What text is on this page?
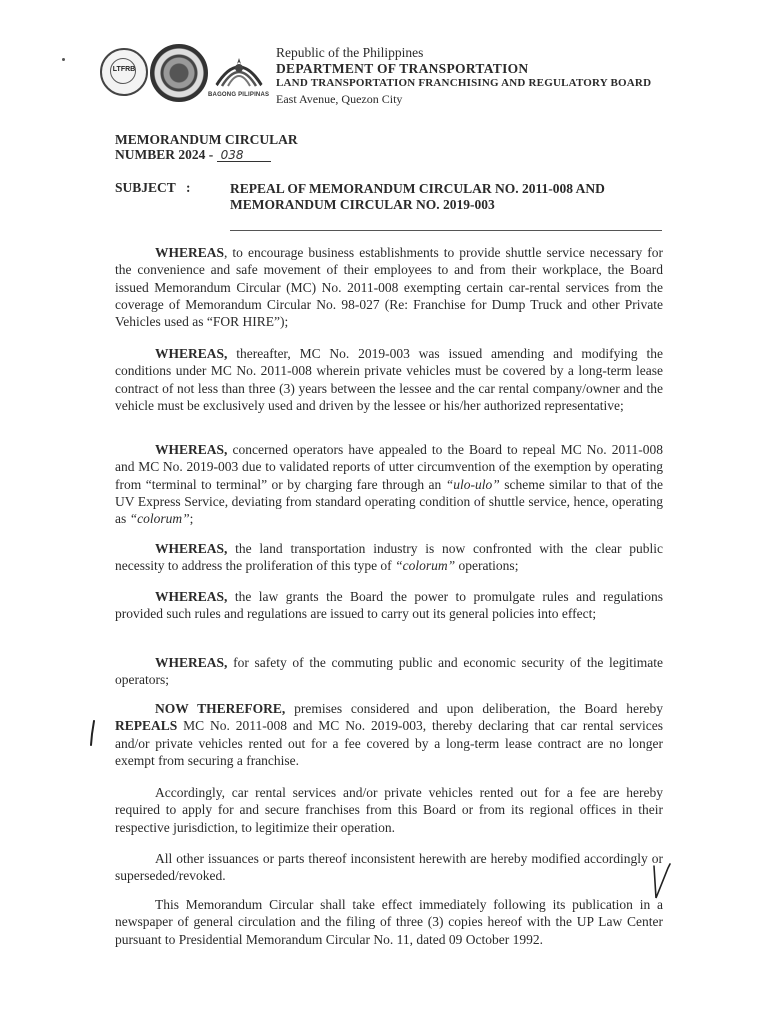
LTFRB
BAGONG PILIPINAS
Republic of the Philippines
DEPARTMENT OF TRANSPORTATION
LAND TRANSPORTATION FRANCHISING AND REGULATORY BOARD
East Avenue, Quezon City
MEMORANDUM CIRCULAR
NUMBER 2024 - 038
SUBJECT :	REPEAL OF MEMORANDUM CIRCULAR NO. 2011-008 AND
MEMORANDUM CIRCULAR NO. 2019-003
WHEREAS, to encourage business establishments to provide shuttle service necessary for the convenience and safe movement of their employees to and from their workplace, the Board issued Memorandum Circular (MC) No. 2011-008 exempting certain car-rental services from the coverage of Memorandum Circular No. 98-027 (Re: Franchise for Dump Truck and other Private Vehicles used as “FOR HIRE”);
WHEREAS, thereafter, MC No. 2019-003 was issued amending and modifying the conditions under MC No. 2011-008 wherein private vehicles must be covered by a long-term lease contract of not less than three (3) years between the lessee and the car rental company/owner and the vehicle must be exclusively used and driven by the lessee or his/her authorized representative;
WHEREAS, concerned operators have appealed to the Board to repeal MC No. 2011-008 and MC No. 2019-003 due to validated reports of utter circumvention of the exemption by operating from “terminal to terminal” or by charging fare through an “ulo-ulo” scheme similar to that of the UV Express Service, deviating from standard operating condition of shuttle service, hence, operating as “colorum”;
WHEREAS, the land transportation industry is now confronted with the clear public necessity to address the proliferation of this type of “colorum” operations;
WHEREAS, the law grants the Board the power to promulgate rules and regulations provided such rules and regulations are issued to carry out its general policies into effect;
WHEREAS, for safety of the commuting public and economic security of the legitimate operators;
NOW THEREFORE, premises considered and upon deliberation, the Board hereby REPEALS MC No. 2011-008 and MC No. 2019-003, thereby declaring that car rental services and/or private vehicles rented out for a fee covered by a long-term lease contract are no longer exempt from securing a franchise.
Accordingly, car rental services and/or private vehicles rented out for a fee are hereby required to apply for and secure franchises from this Board or from its regional offices in their respective jurisdiction, to legitimize their operation.
All other issuances or parts thereof inconsistent herewith are hereby modified accordingly or superseded/revoked.
This Memorandum Circular shall take effect immediately following its publication in a newspaper of general circulation and the filing of three (3) copies hereof with the UP Law Center pursuant to Presidential Memorandum Circular No. 11, dated 09 October 1992.
